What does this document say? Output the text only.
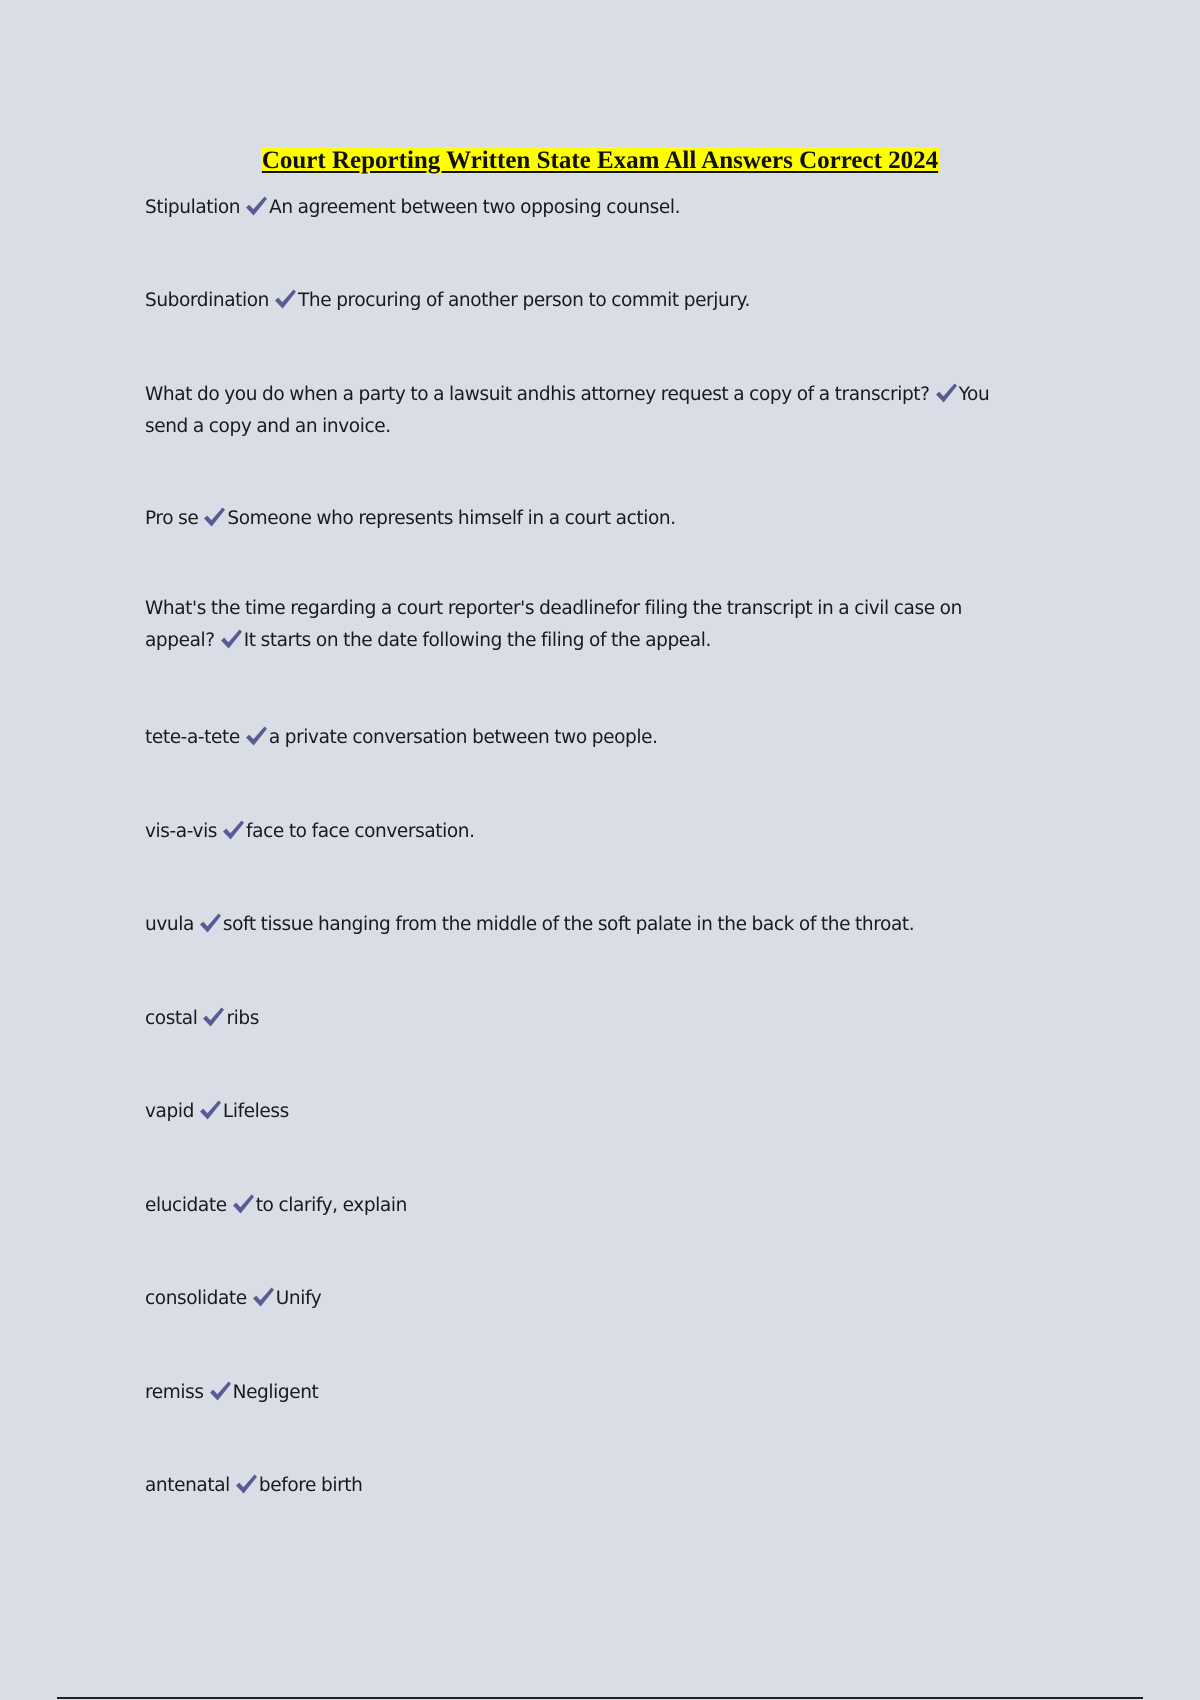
Court Reporting Written State Exam All Answers Correct 2024

Stipulation An agreement between two opposing counsel.

Subordination The procuring of another person to commit perjury.

What do you do when a party to a lawsuit andhis attorney request a copy of a transcript? You send a copy and an invoice.

Pro se Someone who represents himself in a court action.

What's the time regarding a court reporter's deadlinefor filing the transcript in a civil case on appeal? It starts on the date following the filing of the appeal.

tete-a-tete a private conversation between two people.

vis-a-vis face to face conversation.

uvula soft tissue hanging from the middle of the soft palate in the back of the throat.

costal ribs

vapid Lifeless

elucidate to clarify, explain

consolidate Unify

remiss Negligent

antenatal before birth
